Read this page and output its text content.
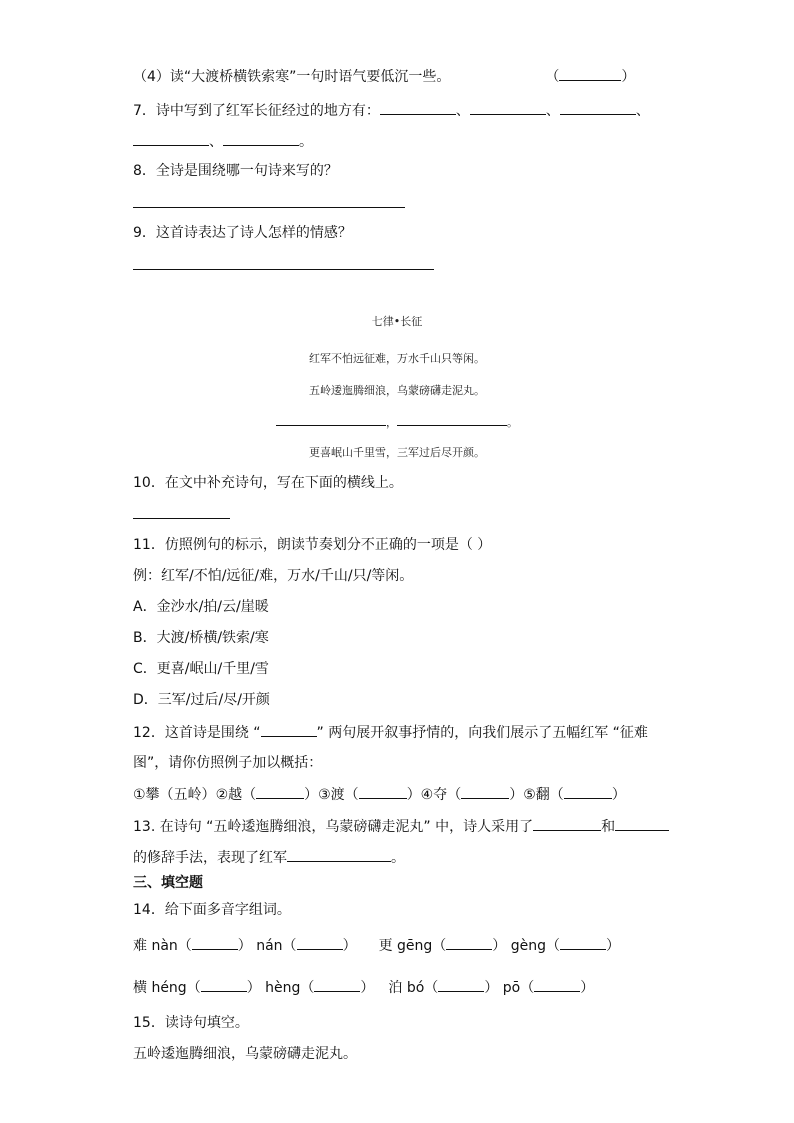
（4）读“大渡桥横铁索寒”一句时语气要低沉一些。	（	）
7．诗中写到了红军长征经过的地方有：	、	、	、
、	。
8．全诗是围绕哪一句诗来写的？
9．这首诗表达了诗人怎样的情感？
七律•长征
红军不怕远征难，万水千山只等闲。
五岭逶迤腾细浪，乌蒙磅礴走泥丸。
，	。
更喜岷山千里雪，三军过后尽开颜。
10．在文中补充诗句，写在下面的横线上。
11．仿照例句的标示，朗读节奏划分不正确的一项是（ ）
例：红军/不怕/远征/难，万水/千山/只/等闲。
A．金沙水/拍/云/崖暖
B．大渡/桥横/铁索/寒
C．更喜/岷山/千里/雪
D．三军/过后/尽/开颜
12．这首诗是围绕 “	” 两句展开叙事抒情的，向我们展示了五幅红军 “征难
图”，请你仿照例子加以概括：
①攀（五岭）②越（	）③渡（	）④夺（	）⑤翻（	）
13. 在诗句 “五岭逶迤腾细浪，乌蒙磅礴走泥丸” 中，诗人采用了	和
的修辞手法，表现了红军	。
三、填空题
14．给下面多音字组词。
难 nàn（	） nán（	） 更 gēng（	） gèng（	）
横 héng（	） hèng（	） 泊 bó（	） pō（	）
15．读诗句填空。
五岭逶迤腾细浪，乌蒙磅礴走泥丸。
